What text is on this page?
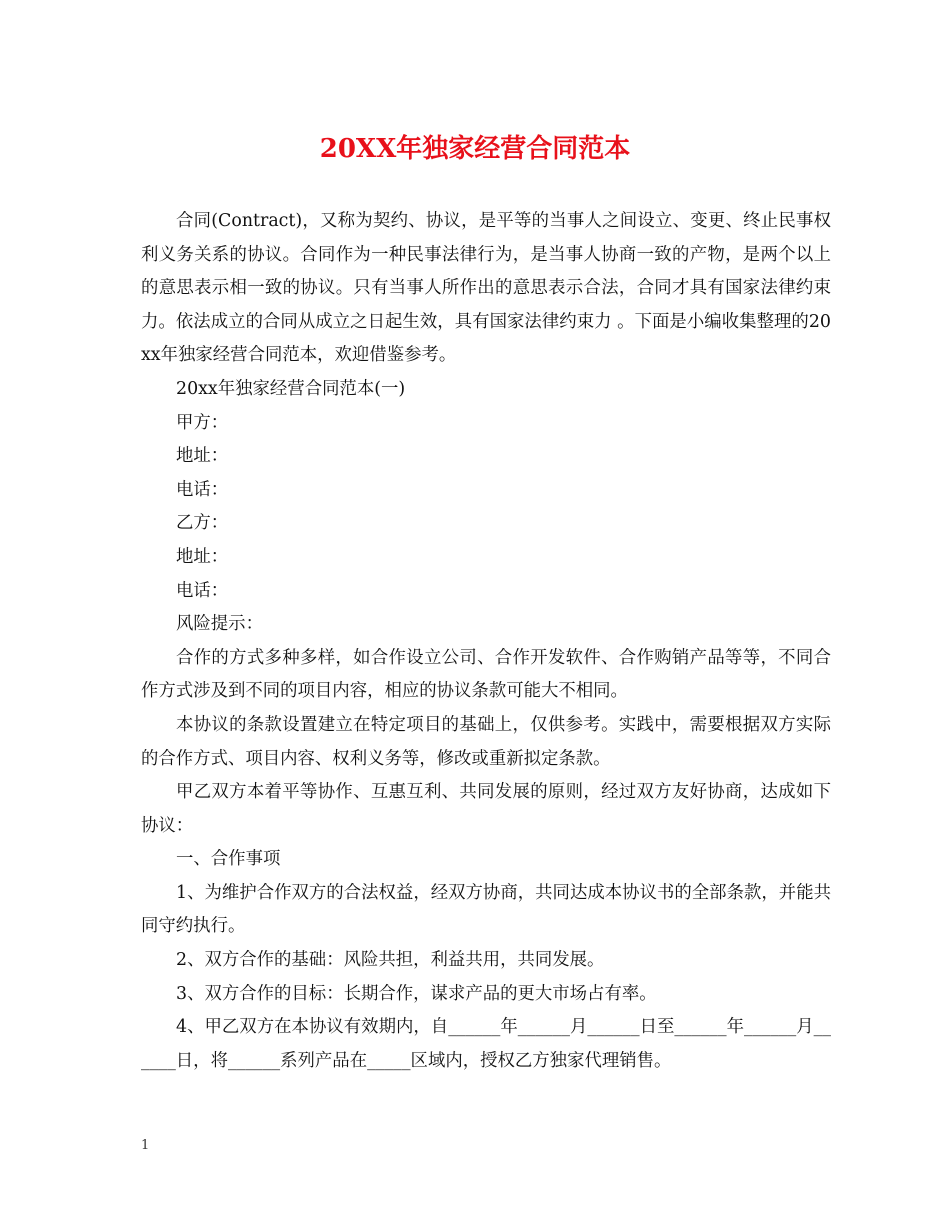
20XX年独家经营合同范本

合同(Contract)，又称为契约、协议，是平等的当事人之间设立、变更、终止民事权利义务关系的协议。合同作为一种民事法律行为，是当事人协商一致的产物，是两个以上的意思表示相一致的协议。只有当事人所作出的意思表示合法，合同才具有国家法律约束力。依法成立的合同从成立之日起生效，具有国家法律约束力 。下面是小编收集整理的20xx年独家经营合同范本，欢迎借鉴参考。

20xx年独家经营合同范本(一)

甲方：

地址：

电话：

乙方：

地址：

电话：

风险提示：

合作的方式多种多样，如合作设立公司、合作开发软件、合作购销产品等等，不同合作方式涉及到不同的项目内容，相应的协议条款可能大不相同。

本协议的条款设置建立在特定项目的基础上，仅供参考。实践中，需要根据双方实际的合作方式、项目内容、权利义务等，修改或重新拟定条款。

甲乙双方本着平等协作、互惠互利、共同发展的原则，经过双方友好协商，达成如下协议：

一、合作事项

1、为维护合作双方的合法权益，经双方协商，共同达成本协议书的全部条款，并能共同守约执行。

2、双方合作的基础：风险共担，利益共用，共同发展。

3、双方合作的目标：长期合作，谋求产品的更大市场占有率。

4、甲乙双方在本协议有效期内，自______年______月______日至______年______月______日，将______系列产品在_____区域内，授权乙方独家代理销售。

1
